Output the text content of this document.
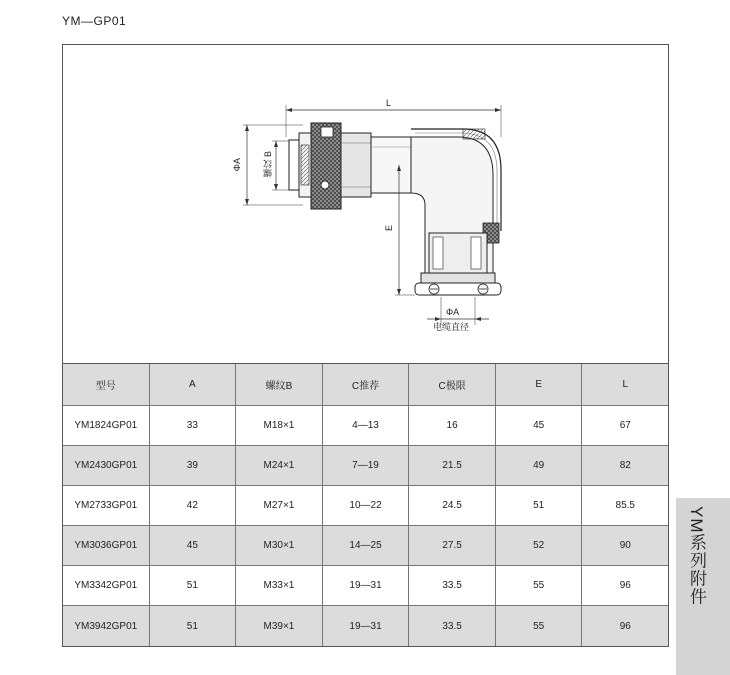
YM—GP01
L
E
ΦA 螺纹 B
ΦA
电缆直径
型号	A	螺纹B	C推荐	C极限	E	L
YM1824GP01	33	M18×1	4—13	16	45	67
YM2430GP01	39	M24×1	7—19	21.5	49	82
YM2733GP01	42	M27×1	10—22	24.5	51	85.5
YM3036GP01	45	M30×1	14—25	27.5	52	90
YM3342GP01	51	M33×1	19—31	33.5	55	96
YM3942GP01	51	M39×1	19—31	33.5	55	96
YM系列附件
